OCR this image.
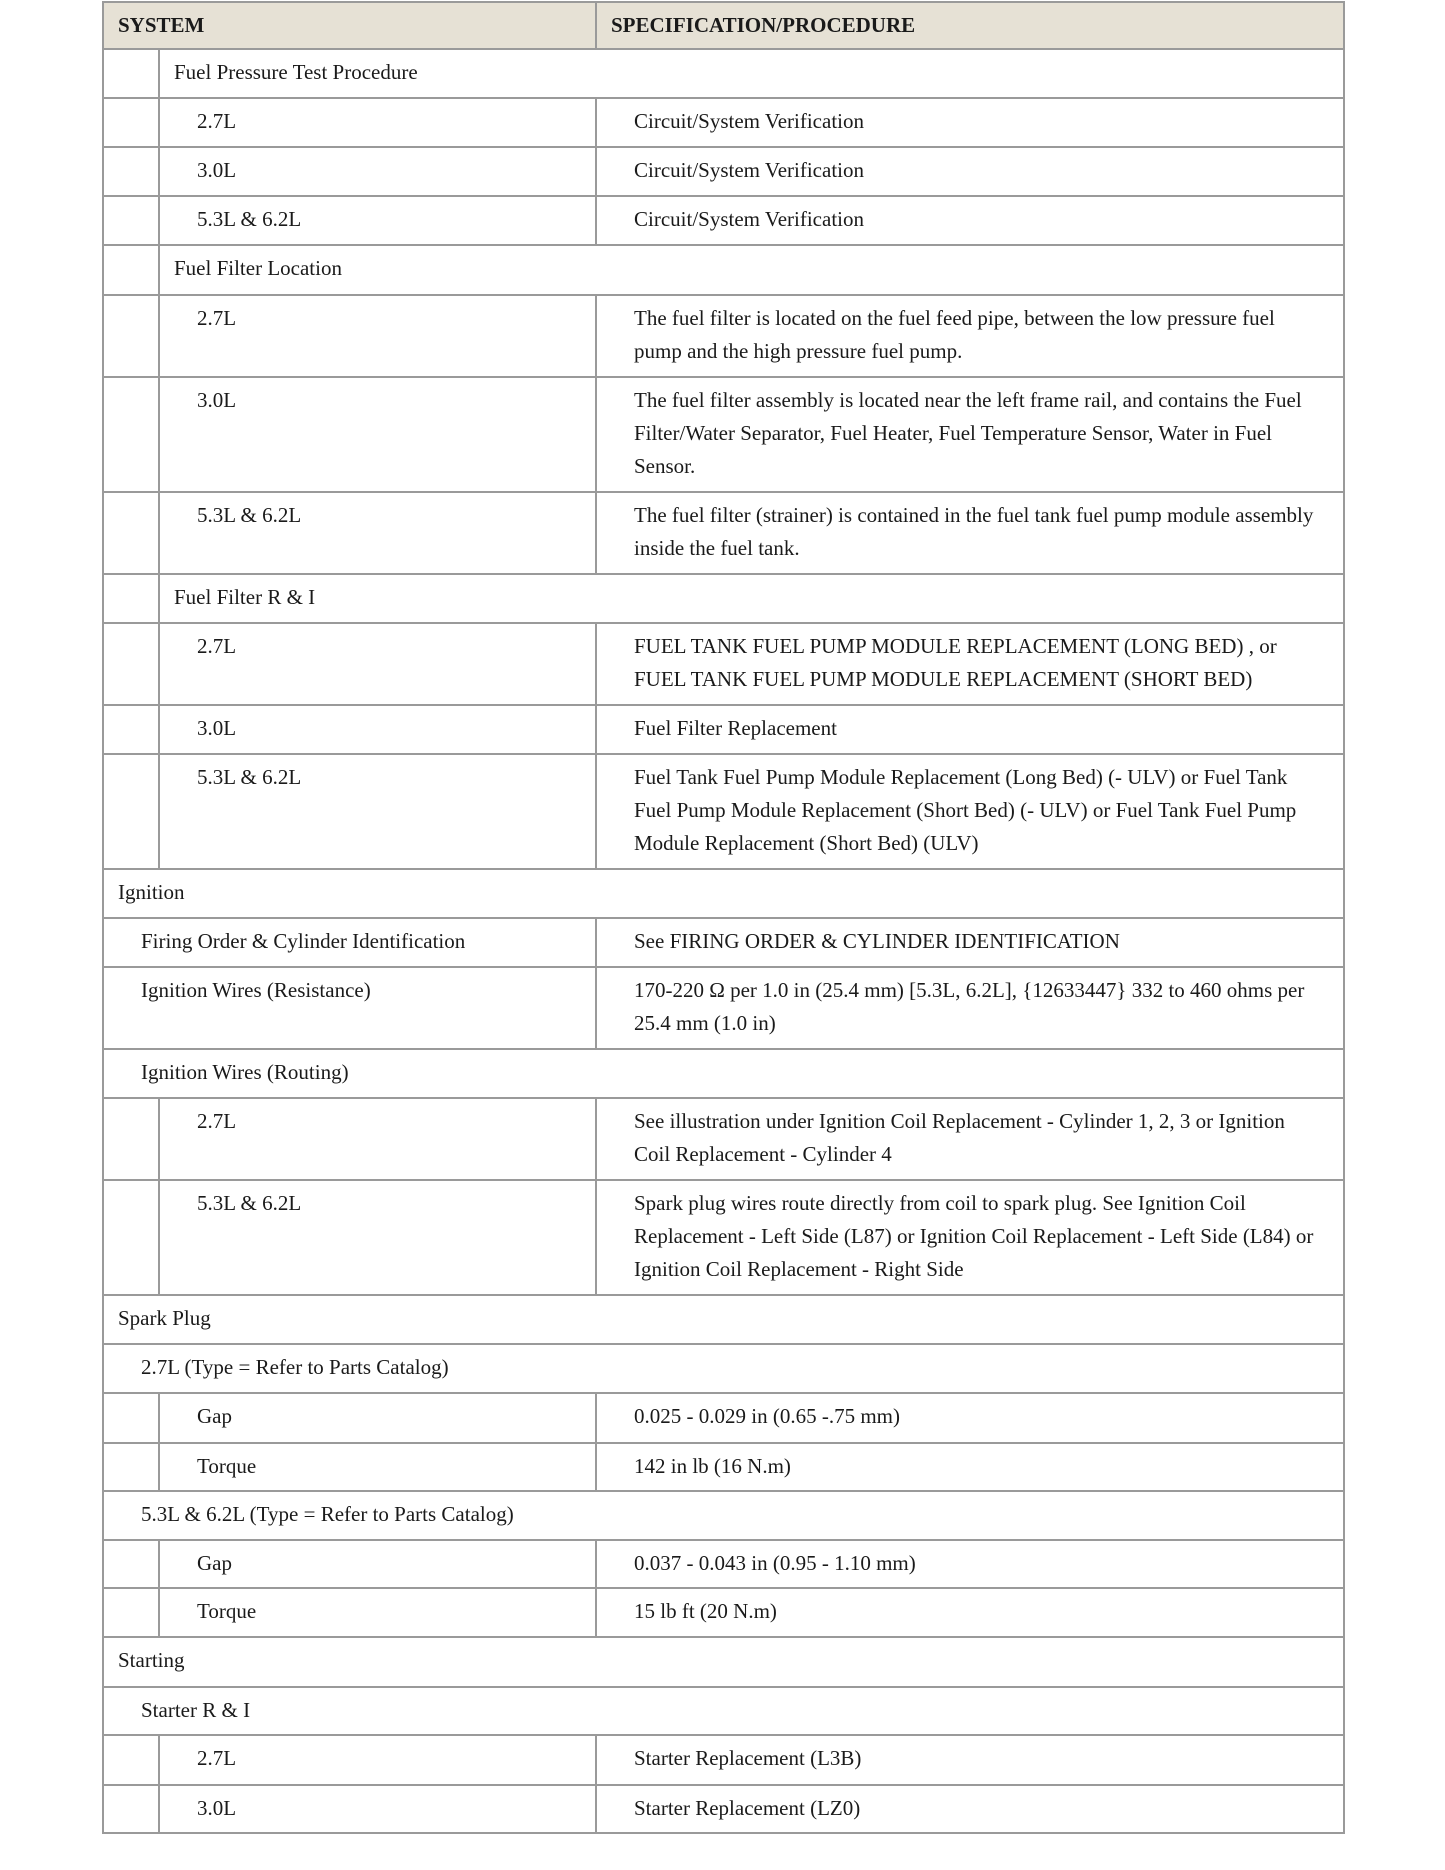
SYSTEM	SPECIFICATION/PROCEDURE
Fuel Pressure Test Procedure
2.7L	Circuit/System Verification
3.0L	Circuit/System Verification
5.3L & 6.2L	Circuit/System Verification
Fuel Filter Location
2.7L	The fuel filter is located on the fuel feed pipe, between the low pressure fuel pump and the high pressure fuel pump.
3.0L	The fuel filter assembly is located near the left frame rail, and contains the Fuel Filter/Water Separator, Fuel Heater, Fuel Temperature Sensor, Water in Fuel Sensor.
5.3L & 6.2L	The fuel filter (strainer) is contained in the fuel tank fuel pump module assembly inside the fuel tank.
Fuel Filter R & I
2.7L	FUEL TANK FUEL PUMP MODULE REPLACEMENT (LONG BED) , or FUEL TANK FUEL PUMP MODULE REPLACEMENT (SHORT BED)
3.0L	Fuel Filter Replacement
5.3L & 6.2L	Fuel Tank Fuel Pump Module Replacement (Long Bed) (- ULV) or Fuel Tank Fuel Pump Module Replacement (Short Bed) (- ULV) or Fuel Tank Fuel Pump Module Replacement (Short Bed) (ULV)
Ignition
Firing Order & Cylinder Identification	See FIRING ORDER & CYLINDER IDENTIFICATION
Ignition Wires (Resistance)	170-220 Ω per 1.0 in (25.4 mm) [5.3L, 6.2L], {12633447} 332 to 460 ohms per 25.4 mm (1.0 in)
Ignition Wires (Routing)
2.7L	See illustration under Ignition Coil Replacement - Cylinder 1, 2, 3 or Ignition Coil Replacement - Cylinder 4
5.3L & 6.2L	Spark plug wires route directly from coil to spark plug. See Ignition Coil Replacement - Left Side (L87) or Ignition Coil Replacement - Left Side (L84) or Ignition Coil Replacement - Right Side
Spark Plug
2.7L (Type = Refer to Parts Catalog)
Gap	0.025 - 0.029 in (0.65 -.75 mm)
Torque	142 in lb (16 N.m)
5.3L & 6.2L (Type = Refer to Parts Catalog)
Gap	0.037 - 0.043 in (0.95 - 1.10 mm)
Torque	15 lb ft (20 N.m)
Starting
Starter R & I
2.7L	Starter Replacement (L3B)
3.0L	Starter Replacement (LZ0)
